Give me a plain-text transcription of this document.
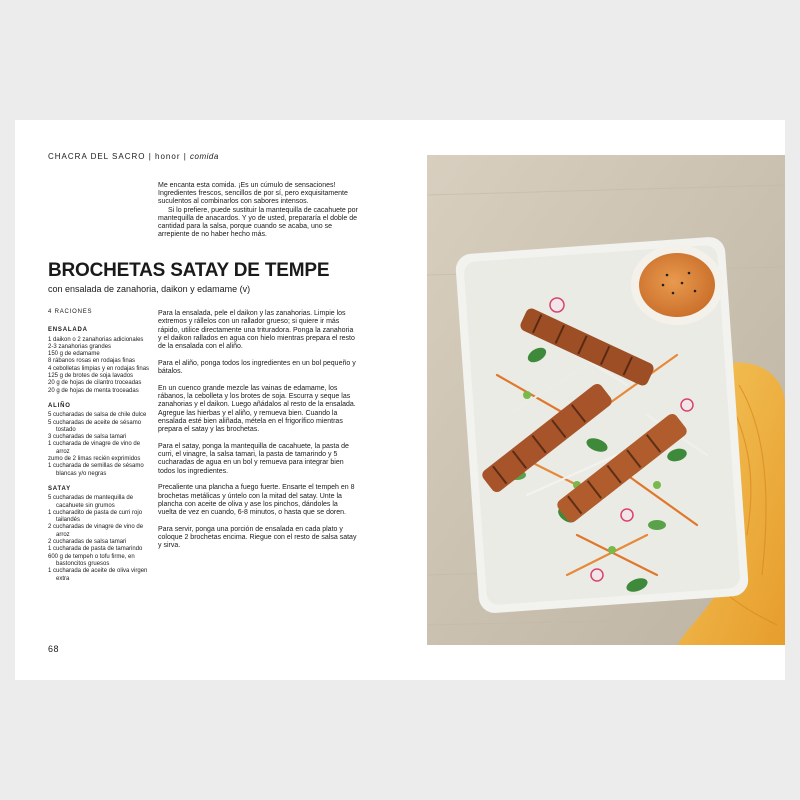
CHACRA DEL SACRO | honor | comida

Me encanta esta comida. ¡Es un cúmulo de sensaciones! Ingredientes frescos, sencillos de por sí, pero exquisitamente suculentos al combinarlos con sabores intensos.

Si lo prefiere, puede sustituir la mantequilla de cacahuete por mantequilla de anacardos. Y yo de usted, prepararía el doble de cantidad para la salsa, porque cuando se acaba, uno se arrepiente de no haber hecho más.

BROCHETAS SATAY DE TEMPE
con ensalada de zanahoria, daikon y edamame (v)
4 RACIONES
ENSALADA
1 daikon o 2 zanahorias adicionales
2-3 zanahorias grandes
150 g de edamame
8 rábanos rosas en rodajas finas
4 cebolletas limpias y en rodajas finas
125 g de brotes de soja lavados
20 g de hojas de cilantro troceadas
20 g de hojas de menta troceadas
ALIÑO
5 cucharadas de salsa de chile dulce
5 cucharadas de aceite de sésamo tostado
3 cucharadas de salsa tamari
1 cucharada de vinagre de vino de arroz
zumo de 2 limas recién exprimidos
1 cucharada de semillas de sésamo blancas y/o negras
SATAY
5 cucharadas de mantequilla de cacahuete sin grumos
1 cucharadito de pasta de curri rojo tailandés
2 cucharadas de vinagre de vino de arroz
2 cucharadas de salsa tamari
1 cucharada de pasta de tamarindo
600 g de tempeh o tofu firme, en bastoncitos gruesos
1 cucharada de aceite de oliva virgen extra

Para la ensalada, pele el daikon y las zanahorias. Limpie los extremos y rállelos con un rallador grueso; si quiere ir más rápido, utilice directamente una trituradora. Ponga la zanahoria y el daikon rallados en agua con hielo mientras prepara el resto de la ensalada con el aliño.

Para el aliño, ponga todos los ingredientes en un bol pequeño y bátalos.

En un cuenco grande mezcle las vainas de edamame, los rábanos, la cebolleta y los brotes de soja. Escurra y seque las zanahorias y el daikon. Luego añádalos al resto de la ensalada. Agregue las hierbas y el aliño, y remueva bien. Cuando la ensalada esté bien aliñada, métela en el frigorífico mientras prepara el satay y las brochetas.

Para el satay, ponga la mantequilla de cacahuete, la pasta de curri, el vinagre, la salsa tamari, la pasta de tamarindo y 5 cucharadas de agua en un bol y remueva para integrar bien todos los ingredientes.

Precaliente una plancha a fuego fuerte. Ensarte el tempeh en 8 brochetas metálicas y úntelo con la mitad del satay. Unte la plancha con aceite de oliva y ase los pinchos, dándoles la vuelta de vez en cuando, 6-8 minutos, o hasta que se doren.

Para servir, ponga una porción de ensalada en cada plato y coloque 2 brochetas encima. Riegue con el resto de salsa satay y sirva.

68
